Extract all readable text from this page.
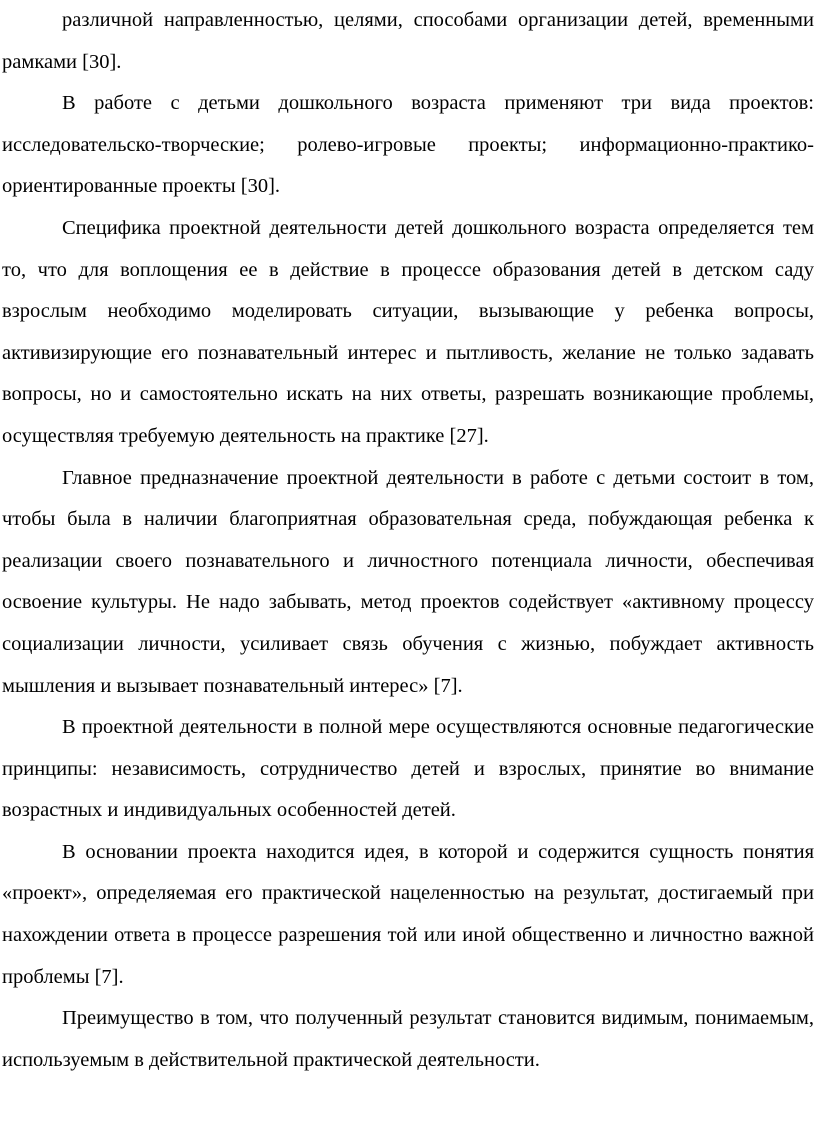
различной направленностью, целями, способами организации детей, временными рамками [30].

В работе с детьми дошкольного возраста применяют три вида проектов: исследовательско-творческие; ролево-игровые проекты; информационно-практико-ориентированные проекты [30].

Специфика проектной деятельности детей дошкольного возраста определяется тем то, что для воплощения ее в действие в процессе образования детей в детском саду взрослым необходимо моделировать ситуации, вызывающие у ребенка вопросы, активизирующие его познавательный интерес и пытливость, желание не только задавать вопросы, но и самостоятельно искать на них ответы, разрешать возникающие проблемы, осуществляя требуемую деятельность на практике [27].

Главное предназначение проектной деятельности в работе с детьми состоит в том, чтобы была в наличии благоприятная образовательная среда, побуждающая ребенка к реализации своего познавательного и личностного потенциала личности, обеспечивая освоение культуры. Не надо забывать, метод проектов содействует «активному процессу социализации личности, усиливает связь обучения с жизнью, побуждает активность мышления и вызывает познавательный интерес» [7].

В проектной деятельности в полной мере осуществляются основные педагогические принципы: независимость, сотрудничество детей и взрослых, принятие во внимание возрастных и индивидуальных особенностей детей.

В основании проекта находится идея, в которой и содержится сущность понятия «проект», определяемая его практической нацеленностью на результат, достигаемый при нахождении ответа в процессе разрешения той или иной общественно и личностно важной проблемы [7].

Преимущество в том, что полученный результат становится видимым, понимаемым, используемым в действительной практической деятельности.
